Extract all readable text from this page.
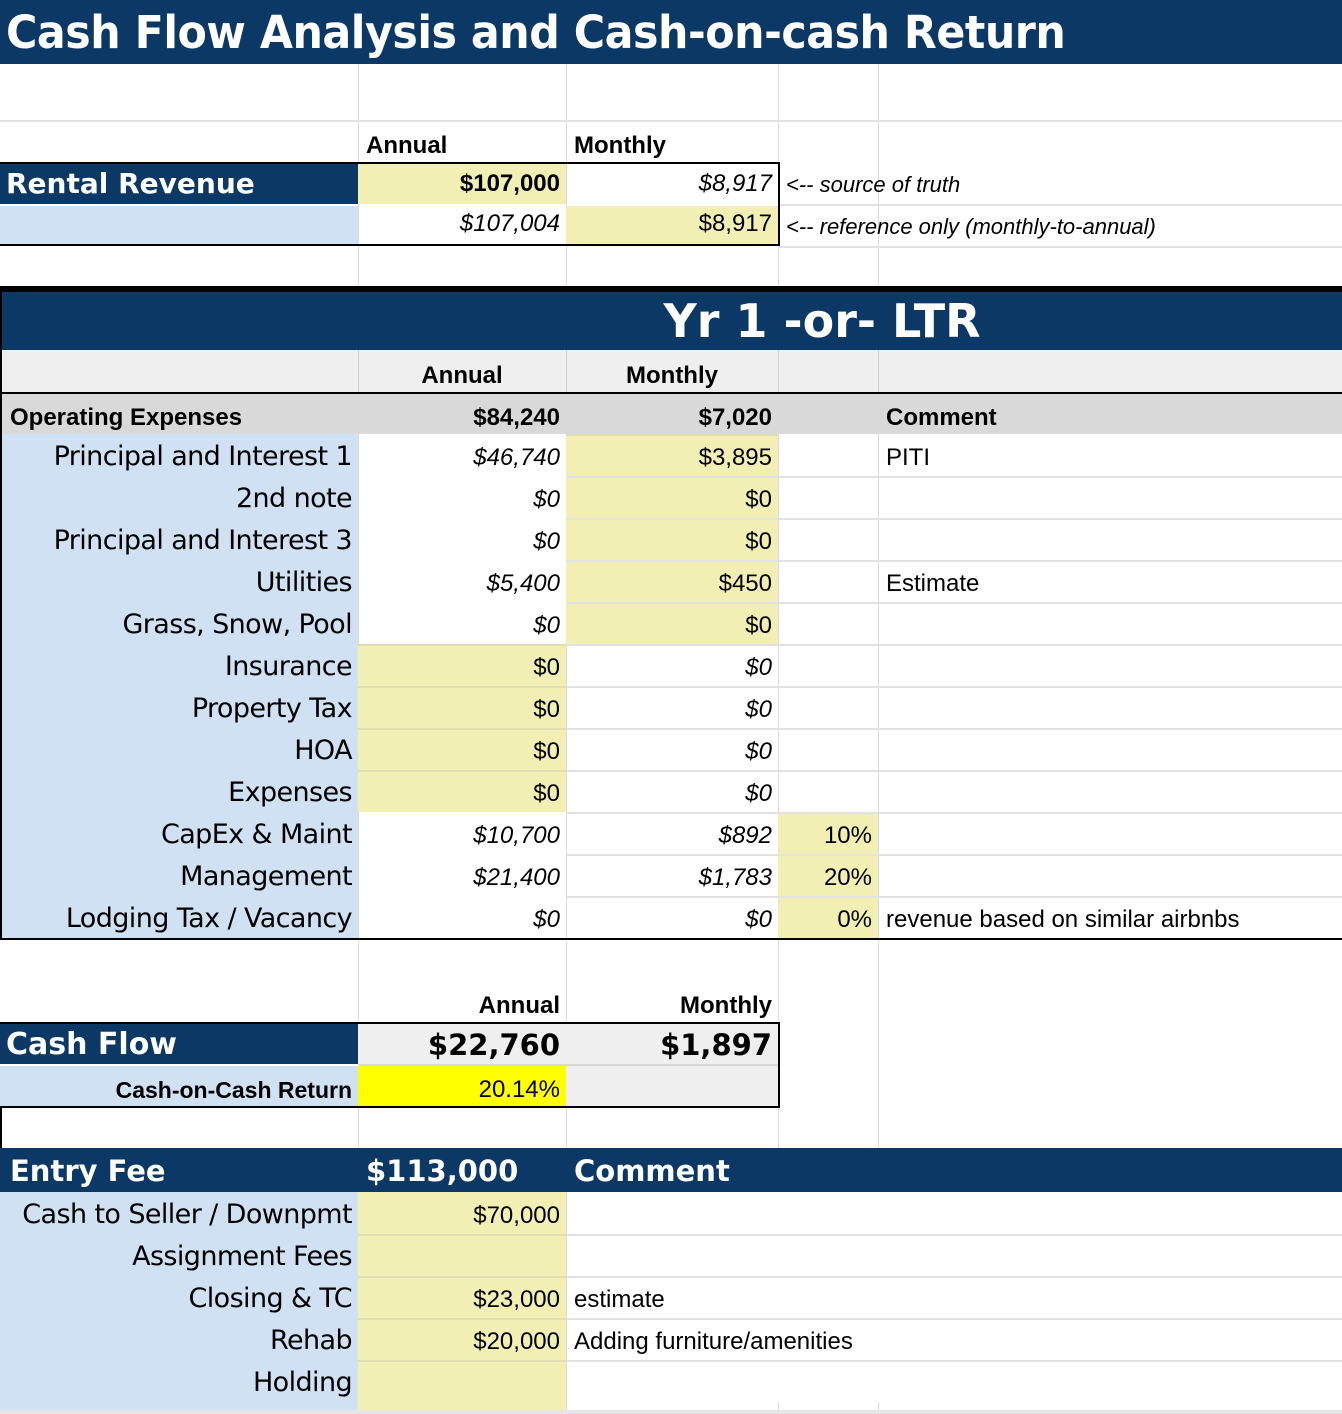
Cash Flow Analysis and Cash-on-cash Return
Annual	Monthly
Rental Revenue	$107,000	$8,917 <-- source of truth
$107,004	$8,917 <-- reference only (monthly-to-annual)
Yr 1 -or- LTR
Annual	Monthly
Operating Expenses	$84,240	$7,020	Comment
Principal and Interest 1	$46,740	$3,895	PITI
2nd note	$0	$0
Principal and Interest 3	$0	$0
Utilities	$5,400	$450	Estimate
Grass, Snow, Pool	$0	$0
Insurance	$0	$0
Property Tax	$0	$0
HOA	$0	$0
Expenses	$0	$0
CapEx & Maint	$10,700	$892	10%
Management	$21,400	$1,783	20%
Lodging Tax / Vacancy	$0	$0	0% revenue based on similar airbnbs
Annual	Monthly
Cash Flow	$22,760	$1,897
Cash-on-Cash Return	20.14%
Entry Fee	$113,000	Comment
Cash to Seller / Downpmt	$70,000
Assignment Fees
Closing & TC	$23,000 estimate
Rehab	$20,000 Adding furniture/amenities
Holding
